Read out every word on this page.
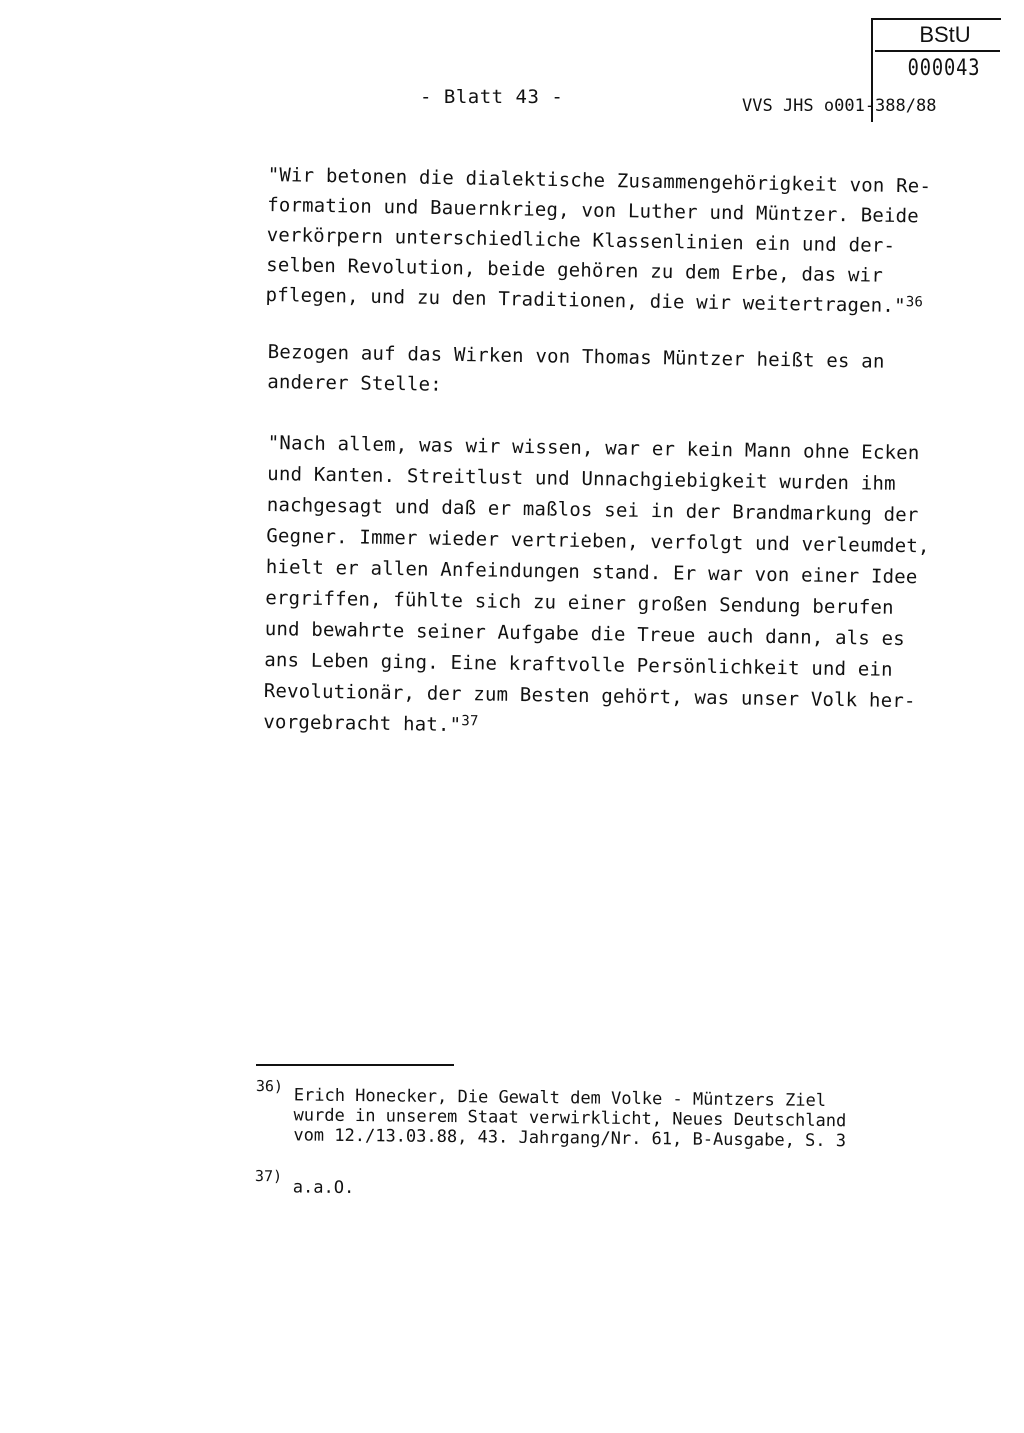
BStU
000043
- Blatt 43 -	VVS JHS o001-388/88
"Wir betonen die dialektische Zusammengehörigkeit von Re-
formation und Bauernkrieg, von Luther und Müntzer. Beide
verkörpern unterschiedliche Klassenlinien ein und der-
selben Revolution, beide gehören zu dem Erbe, das wir
pflegen, und zu den Traditionen, die wir weitertragen."$^{36}$
Bezogen auf das Wirken von Thomas Müntzer heißt es an
anderer Stelle:
"Nach allem, was wir wissen, war er kein Mann ohne Ecken
und Kanten. Streitlust und Unnachgiebigkeit wurden ihm
nachgesagt und daß er maßlos sei in der Brandmarkung der
Gegner. Immer wieder vertrieben, verfolgt und verleumdet,
hielt er allen Anfeindungen stand. Er war von einer Idee
ergriffen, fühlte sich zu einer großen Sendung berufen
und bewahrte seiner Aufgabe die Treue auch dann, als es
ans Leben ging. Eine kraftvolle Persönlichkeit und ein
Revolutionär, der zum Besten gehört, was unser Volk her-
vorgebracht hat."$^{37}$
36) Erich Honecker, Die Gewalt dem Volke - Müntzers Ziel
wurde in unserem Staat verwirklicht, Neues Deutschland
vom 12./13.03.88, 43. Jahrgang/Nr. 61, B-Ausgabe, S. 3
37)
a.a.O.
